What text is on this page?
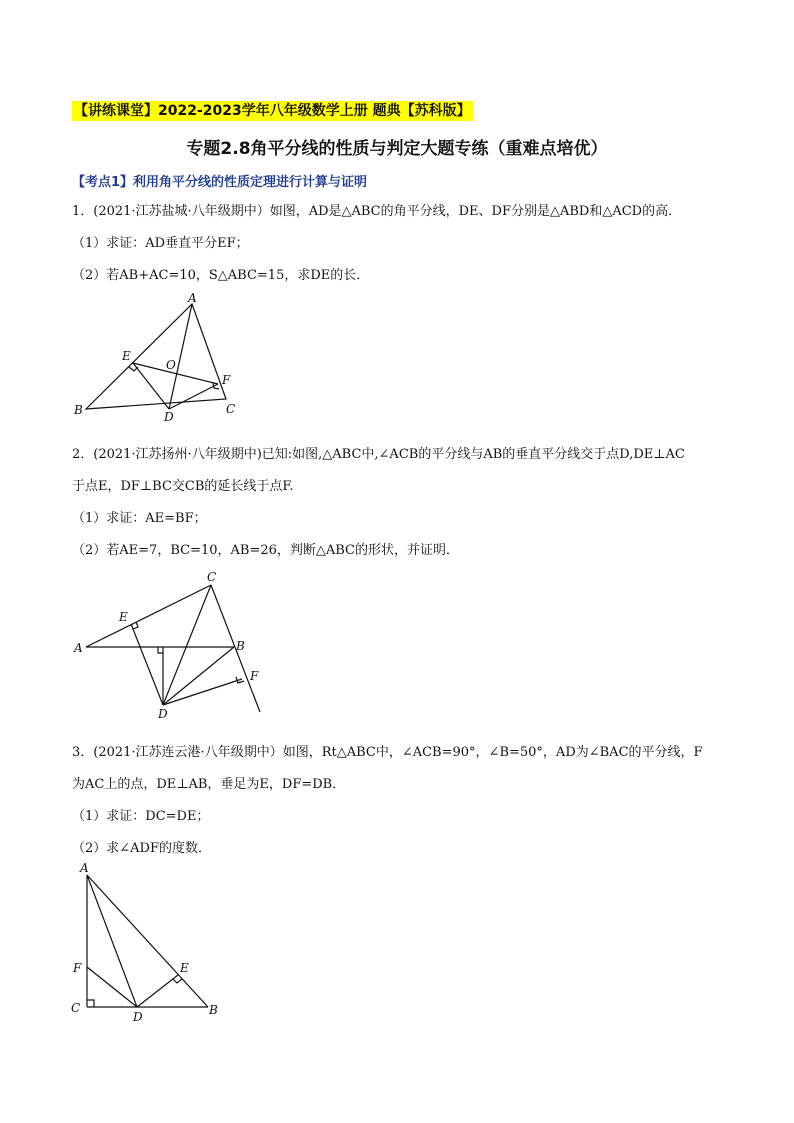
【讲练课堂】2022-2023学年八年级数学上册 题典【苏科版】
专题2.8角平分线的性质与判定大题专练（重难点培优）
【考点1】利用角平分线的性质定理进行计算与证明
1．(2021·江苏盐城·八年级期中）如图，AD是△ABC的角平分线，DE、DF分别是△ABD和△ACD的高．
（1）求证：AD垂直平分EF；
（2）若AB+AC=10，S△ABC=15，求DE的长．
A
E
O
F
B	D
C
2．(2021·江苏扬州·八年级期中)已知:如图,△ABC中,∠ACB的平分线与AB的垂直平分线交于点D,DE⊥AC
于点E，DF⊥BC交CB的延长线于点F.
（1）求证：AE=BF；
（2）若AE=7，BC=10，AB=26，判断△ABC的形状，并证明．
C
E
A	B
F
D
3．(2021·江苏连云港·八年级期中）如图，Rt△ABC中，∠ACB=90°，∠B=50°，AD为∠BAC的平分线，F
为AC上的点，DE⊥AB，垂足为E，DF=DB．
（1）求证：DC=DE；
（2）求∠ADF的度数．
A
F	E
C
D	B
